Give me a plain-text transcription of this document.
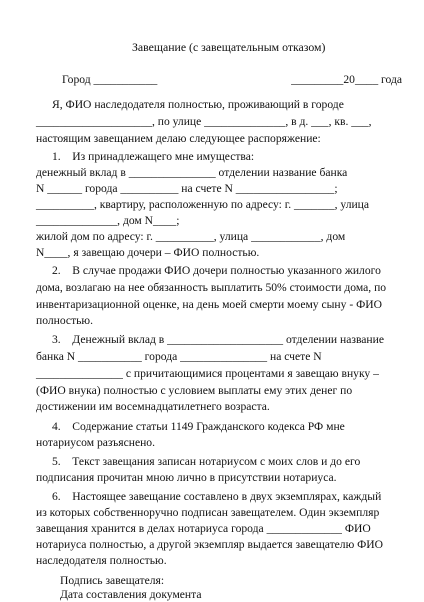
Завещание (с завещательным отказом)

Город ___________	_________20____ года

Я, ФИО наследодателя полностью, проживающий в городе

____________________, по улице ______________, в д. ___, кв. ___,

настоящим завещанием делаю следующее распоряжение:

1.    Из принадлежащего мне имущества:

денежный вклад в _______________ отделении название банка

N ______ города __________ на счете N _________________;

__________, квартиру, расположенную по адресу: г. _______, улица

______________, дом N____;

жилой дом по адресу: г. __________, улица ____________, дом

N____, я завещаю дочери – ФИО полностью.

2.    В случае продажи ФИО дочери полностью указанного жилого

дома, возлагаю на нее обязанность выплатить 50% стоимости дома, по

инвентаризационной оценке, на день моей смерти моему сыну - ФИО

полностью.

3.    Денежный вклад в ____________________ отделении название

банка N ___________ города _______________ на счете N

_______________ с причитающимися процентами я завещаю внуку –

(ФИО внука) полностью с условием выплаты ему этих денег по

достижении им восемнадцатилетнего возраста.

4.    Содержание статьи 1149 Гражданского кодекса РФ мне

нотариусом разъяснено.

5.    Текст завещания записан нотариусом с моих слов и до его

подписания прочитан мною лично в присутствии нотариуса.

6.    Настоящее завещание составлено в двух экземплярах, каждый

из которых собственноручно подписан завещателем. Один экземпляр

завещания хранится в делах нотариуса города _____________ ФИО

нотариуса полностью, а другой экземпляр выдается завещателю ФИО

наследодателя полностью.

Подпись завещателя:

Дата составления документа
